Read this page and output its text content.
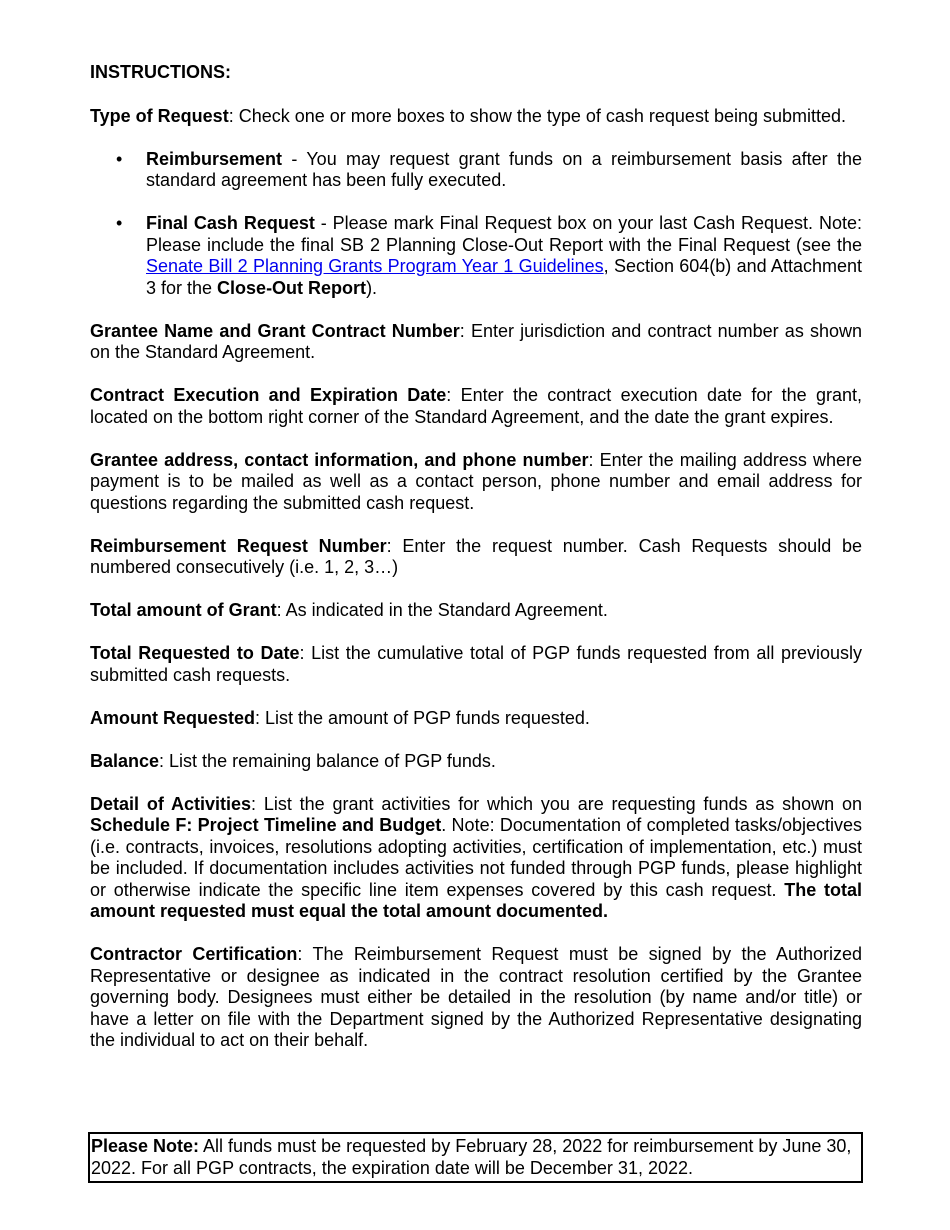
INSTRUCTIONS:

Type of Request: Check one or more boxes to show the type of cash request being submitted.

• Reimbursement - You may request grant funds on a reimbursement basis after the standard agreement has been fully executed.
• Final Cash Request - Please mark Final Request box on your last Cash Request. Note: Please include the final SB 2 Planning Close-Out Report with the Final Request (see the Senate Bill 2 Planning Grants Program Year 1 Guidelines, Section 604(b) and Attachment 3 for the Close-Out Report).

Grantee Name and Grant Contract Number: Enter jurisdiction and contract number as shown on the Standard Agreement.

Contract Execution and Expiration Date: Enter the contract execution date for the grant, located on the bottom right corner of the Standard Agreement, and the date the grant expires.

Grantee address, contact information, and phone number: Enter the mailing address where payment is to be mailed as well as a contact person, phone number and email address for questions regarding the submitted cash request.

Reimbursement Request Number: Enter the request number. Cash Requests should be numbered consecutively (i.e. 1, 2, 3…)

Total amount of Grant: As indicated in the Standard Agreement.

Total Requested to Date: List the cumulative total of PGP funds requested from all previously submitted cash requests.

Amount Requested: List the amount of PGP funds requested.

Balance: List the remaining balance of PGP funds.

Detail of Activities: List the grant activities for which you are requesting funds as shown on Schedule F: Project Timeline and Budget. Note: Documentation of completed tasks/objectives (i.e. contracts, invoices, resolutions adopting activities, certification of implementation, etc.) must be included. If documentation includes activities not funded through PGP funds, please highlight or otherwise indicate the specific line item expenses covered by this cash request. The total amount requested must equal the total amount documented.

Contractor Certification: The Reimbursement Request must be signed by the Authorized Representative or designee as indicated in the contract resolution certified by the Grantee governing body. Designees must either be detailed in the resolution (by name and/or title) or have a letter on file with the Department signed by the Authorized Representative designating the individual to act on their behalf.

Please Note: All funds must be requested by February 28, 2022 for reimbursement by June 30, 2022. For all PGP contracts, the expiration date will be December 31, 2022.
